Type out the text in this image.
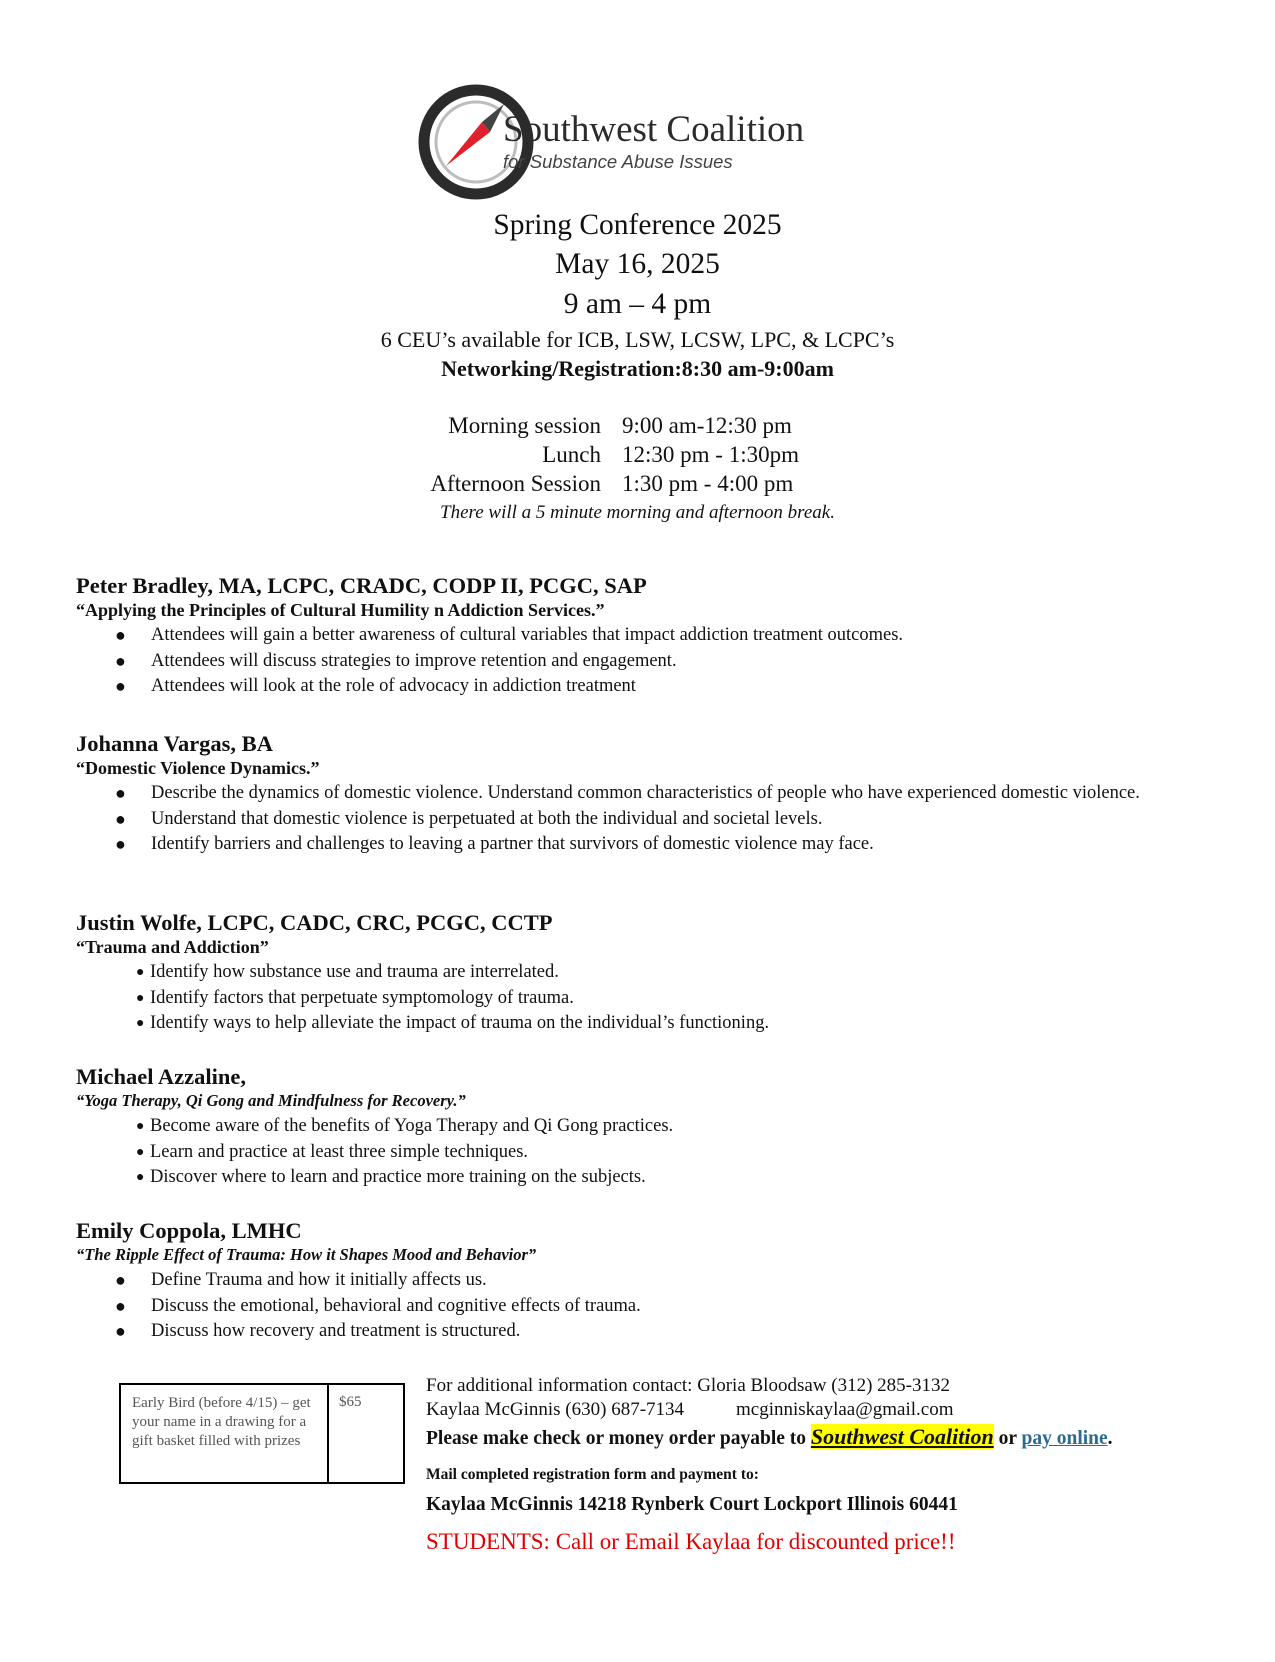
Southwest Coalition
for Substance Abuse Issues
Spring Conference 2025
May 16, 2025
9 am – 4 pm
6 CEU’s available for ICB, LSW, LCSW, LPC, & LCPC’s
Networking/Registration:8:30 am-9:00am
Morning session 9:00 am-12:30 pm
Lunch 12:30 pm - 1:30pm
Afternoon Session 1:30 pm - 4:00 pm
There will a 5 minute morning and afternoon break.
Peter Bradley, MA, LCPC, CRADC, CODP II, PCGC, SAP
“Applying the Principles of Cultural Humility n Addiction Services.”
● Attendees will gain a better awareness of cultural variables that impact addiction treatment outcomes.
● Attendees will discuss strategies to improve retention and engagement.
● Attendees will look at the role of advocacy in addiction treatment
Johanna Vargas, BA
“Domestic Violence Dynamics.”
● Describe the dynamics of domestic violence. Understand common characteristics of people who have experienced domestic violence.
● Understand that domestic violence is perpetuated at both the individual and societal levels.
● Identify barriers and challenges to leaving a partner that survivors of domestic violence may face.
Justin Wolfe, LCPC, CADC, CRC, PCGC, CCTP
“Trauma and Addiction”
● Identify how substance use and trauma are interrelated.
● Identify factors that perpetuate symptomology of trauma.
● Identify ways to help alleviate the impact of trauma on the individual’s functioning.
Michael Azzaline,
“Yoga Therapy, Qi Gong and Mindfulness for Recovery.”
● Become aware of the benefits of Yoga Therapy and Qi Gong practices.
● Learn and practice at least three simple techniques.
● Discover where to learn and practice more training on the subjects.
Emily Coppola, LMHC
“The Ripple Effect of Trauma: How it Shapes Mood and Behavior”
● Define Trauma and how it initially affects us.
● Discuss the emotional, behavioral and cognitive effects of trauma.
● Discuss how recovery and treatment is structured.
Early Bird (before 4/15) – get your name in a drawing for a gift basket filled with prizes
$65
For additional information contact: Gloria Bloodsaw (312) 285-3132
Kaylaa McGinnis (630) 687-7134	mcginniskaylaa@gmail.com
Please make check or money order payable to Southwest Coalition or pay online.
Mail completed registration form and payment to:
Kaylaa McGinnis 14218 Rynberk Court Lockport Illinois 60441
STUDENTS: Call or Email Kaylaa for discounted price!!
